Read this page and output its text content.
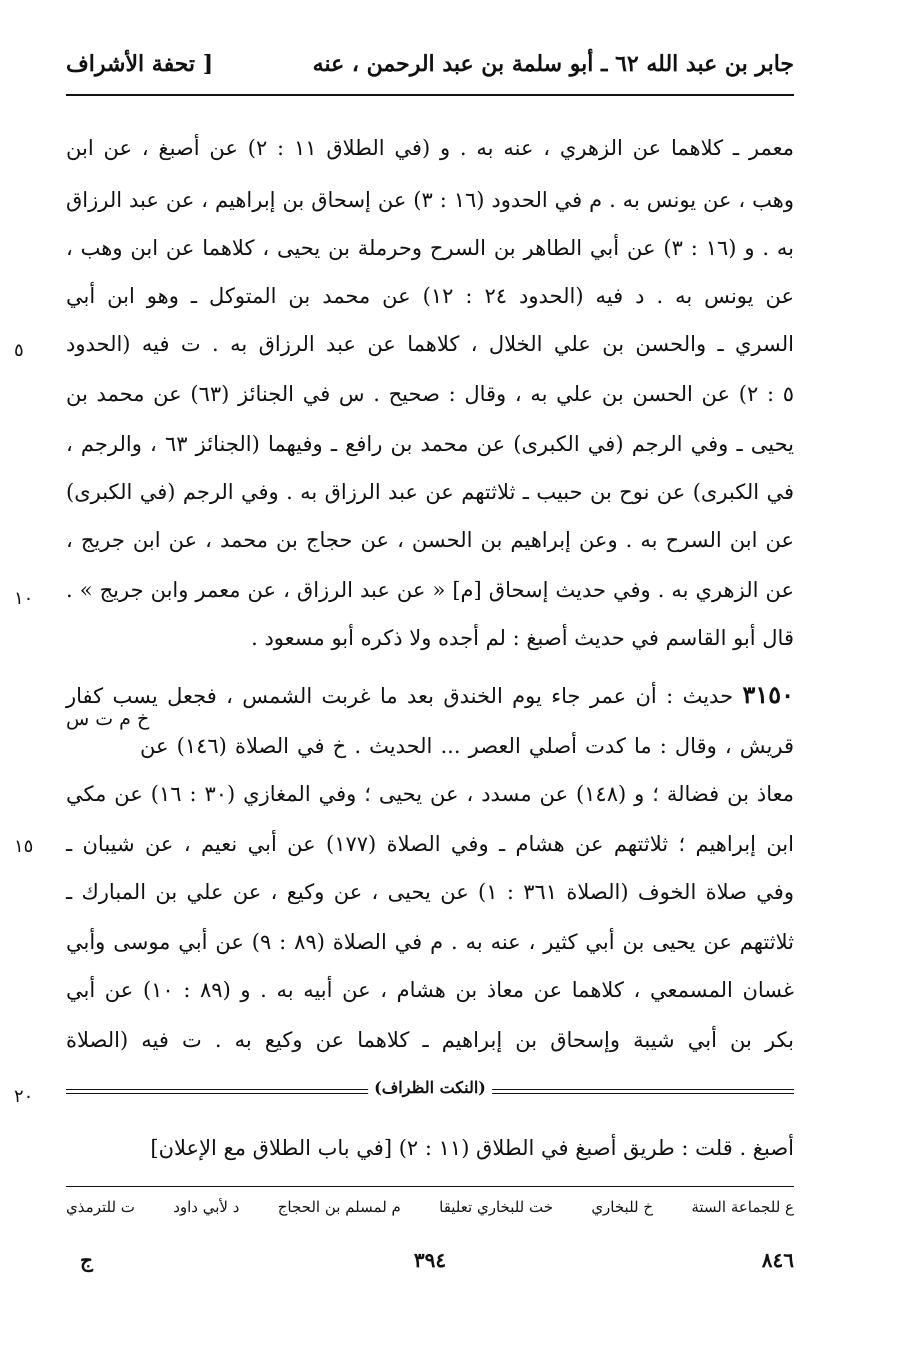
جابر بن عبد الله ٦٢ ـ أبو سلمة بن عبد الرحمن ، عنه
[ تحفة الأشراف
معمر ـ كلاهما عن الزهري ، عنه به . و (في الطلاق ١١ : ٢) عن أصبغ ، عن ابن
وهب ، عن يونس به . م في الحدود (١٦ : ٣) عن إسحاق بن إبراهيم ، عن عبد الرزاق
به . و (١٦ : ٣) عن أبي الطاهر بن السرح وحرملة بن يحيى ، كلاهما عن ابن وهب ،
عن يونس به . د فيه (الحدود ٢٤ : ١٢) عن محمد بن المتوكل ـ وهو ابن أبي
السري ـ والحسن بن علي الخلال ، كلاهما عن عبد الرزاق به . ت فيه (الحدود
٥ : ٢) عن الحسن بن علي به ، وقال : صحيح . س في الجنائز (٦٣) عن محمد بن
يحيى ـ وفي الرجم (في الكبرى) عن محمد بن رافع ـ وفيهما (الجنائز ٦٣ ، والرجم ،
في الكبرى) عن نوح بن حبيب ـ ثلاثتهم عن عبد الرزاق به . وفي الرجم (في الكبرى)
عن ابن السرح به . وعن إبراهيم بن الحسن ، عن حجاج بن محمد ، عن ابن جريج ،
عن الزهري به . وفي حديث إسحاق [م] « عن عبد الرزاق ، عن معمر وابن جريج » .
قال أبو القاسم في حديث أصبغ : لم أجده ولا ذكره أبو مسعود .
٣١٥٠ حديث : أن عمر جاء يوم الخندق بعد ما غربت الشمس ، فجعل يسب كفار
خ م ت س
قريش ، وقال : ما كدت أصلي العصر ... الحديث . خ في الصلاة (١٤٦) عن
معاذ بن فضالة ؛ و (١٤٨) عن مسدد ، عن يحيى ؛ وفي المغازي (٣٠ : ١٦) عن مكي
ابن إبراهيم ؛ ثلاثتهم عن هشام ـ وفي الصلاة (١٧٧) عن أبي نعيم ، عن شيبان ـ
وفي صلاة الخوف (الصلاة ٣٦١ : ١) عن يحيى ، عن وكيع ، عن علي بن المبارك ـ
ثلاثتهم عن يحيى بن أبي كثير ، عنه به . م في الصلاة (٨٩ : ٩) عن أبي موسى وأبي
غسان المسمعي ، كلاهما عن معاذ بن هشام ، عن أبيه به . و (٨٩ : ١٠) عن أبي
بكر بن أبي شيبة وإسحاق بن إبراهيم ـ كلاهما عن وكيع به . ت فيه (الصلاة
٥
١٠
١٥
٢٠	(النكت الظراف)
أصبغ . قلت : طريق أصبغ في الطلاق (١١ : ٢) [في باب الطلاق مع الإعلان]
ع للجماعة الستة
خ للبخاري
خت للبخاري تعليقا
م لمسلم بن الحجاج
د لأبي داود
ت للترمذي
ج	٣٩٤	٨٤٦
